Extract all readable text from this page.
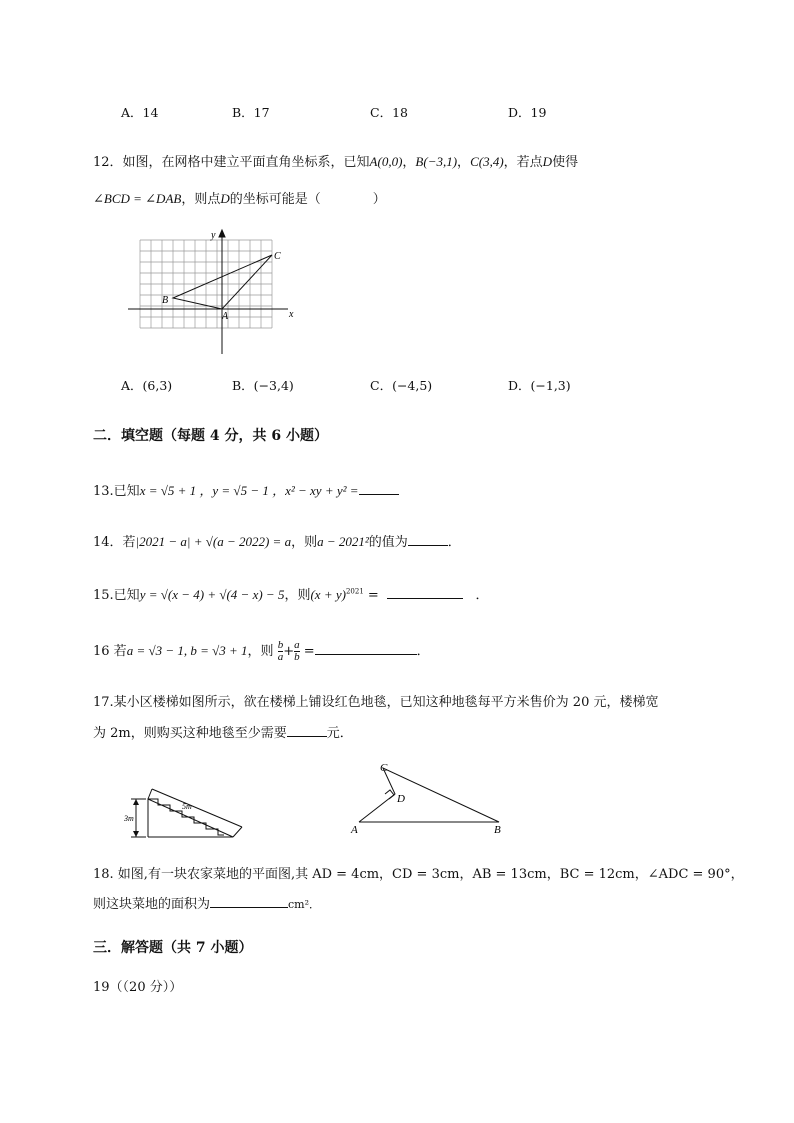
A．14	B．17	C．18	D．19
12．如图，在网格中建立平面直角坐标系，已知A(0,0)，B(−3,1)，C(3,4)，若点D使得
∠BCD = ∠DAB，则点D的坐标可能是（　　　　）
x
y
A
B
C
A．(6,3)	B．(−3,4)	C．(−4,5)	D．(−1,3)
二．填空题（每题 4 分，共 6 小题）
13.已知x = √5 + 1 ，y = √5 − 1 ，x² − xy + y² =
14．若|2021 − a| + √(a − 2022) = a，则a − 2021²的值为	．
15.已知y = √(x − 4) + √(4 − x) − 5，则$(x + y)^{2021}$ =	．
16 若a = √3 − 1, b = √3 + 1，则 $\frac{b}{a} + \frac{a}{b}$ =	．
17.某小区楼梯如图所示，欲在楼梯上铺设红色地毯，已知这种地毯每平方米售价为 20 元，楼梯宽
为 2m，则购买这种地毯至少需要	元．
3m
5m
A	B
C
D
18. 如图,有一块农家菜地的平面图,其 AD = 4cm，CD = 3cm，AB = 13cm，BC = 12cm，∠ADC = 90°，
则这块菜地的面积为	cm²．
三．解答题（共 7 小题）
19（（20 分））
